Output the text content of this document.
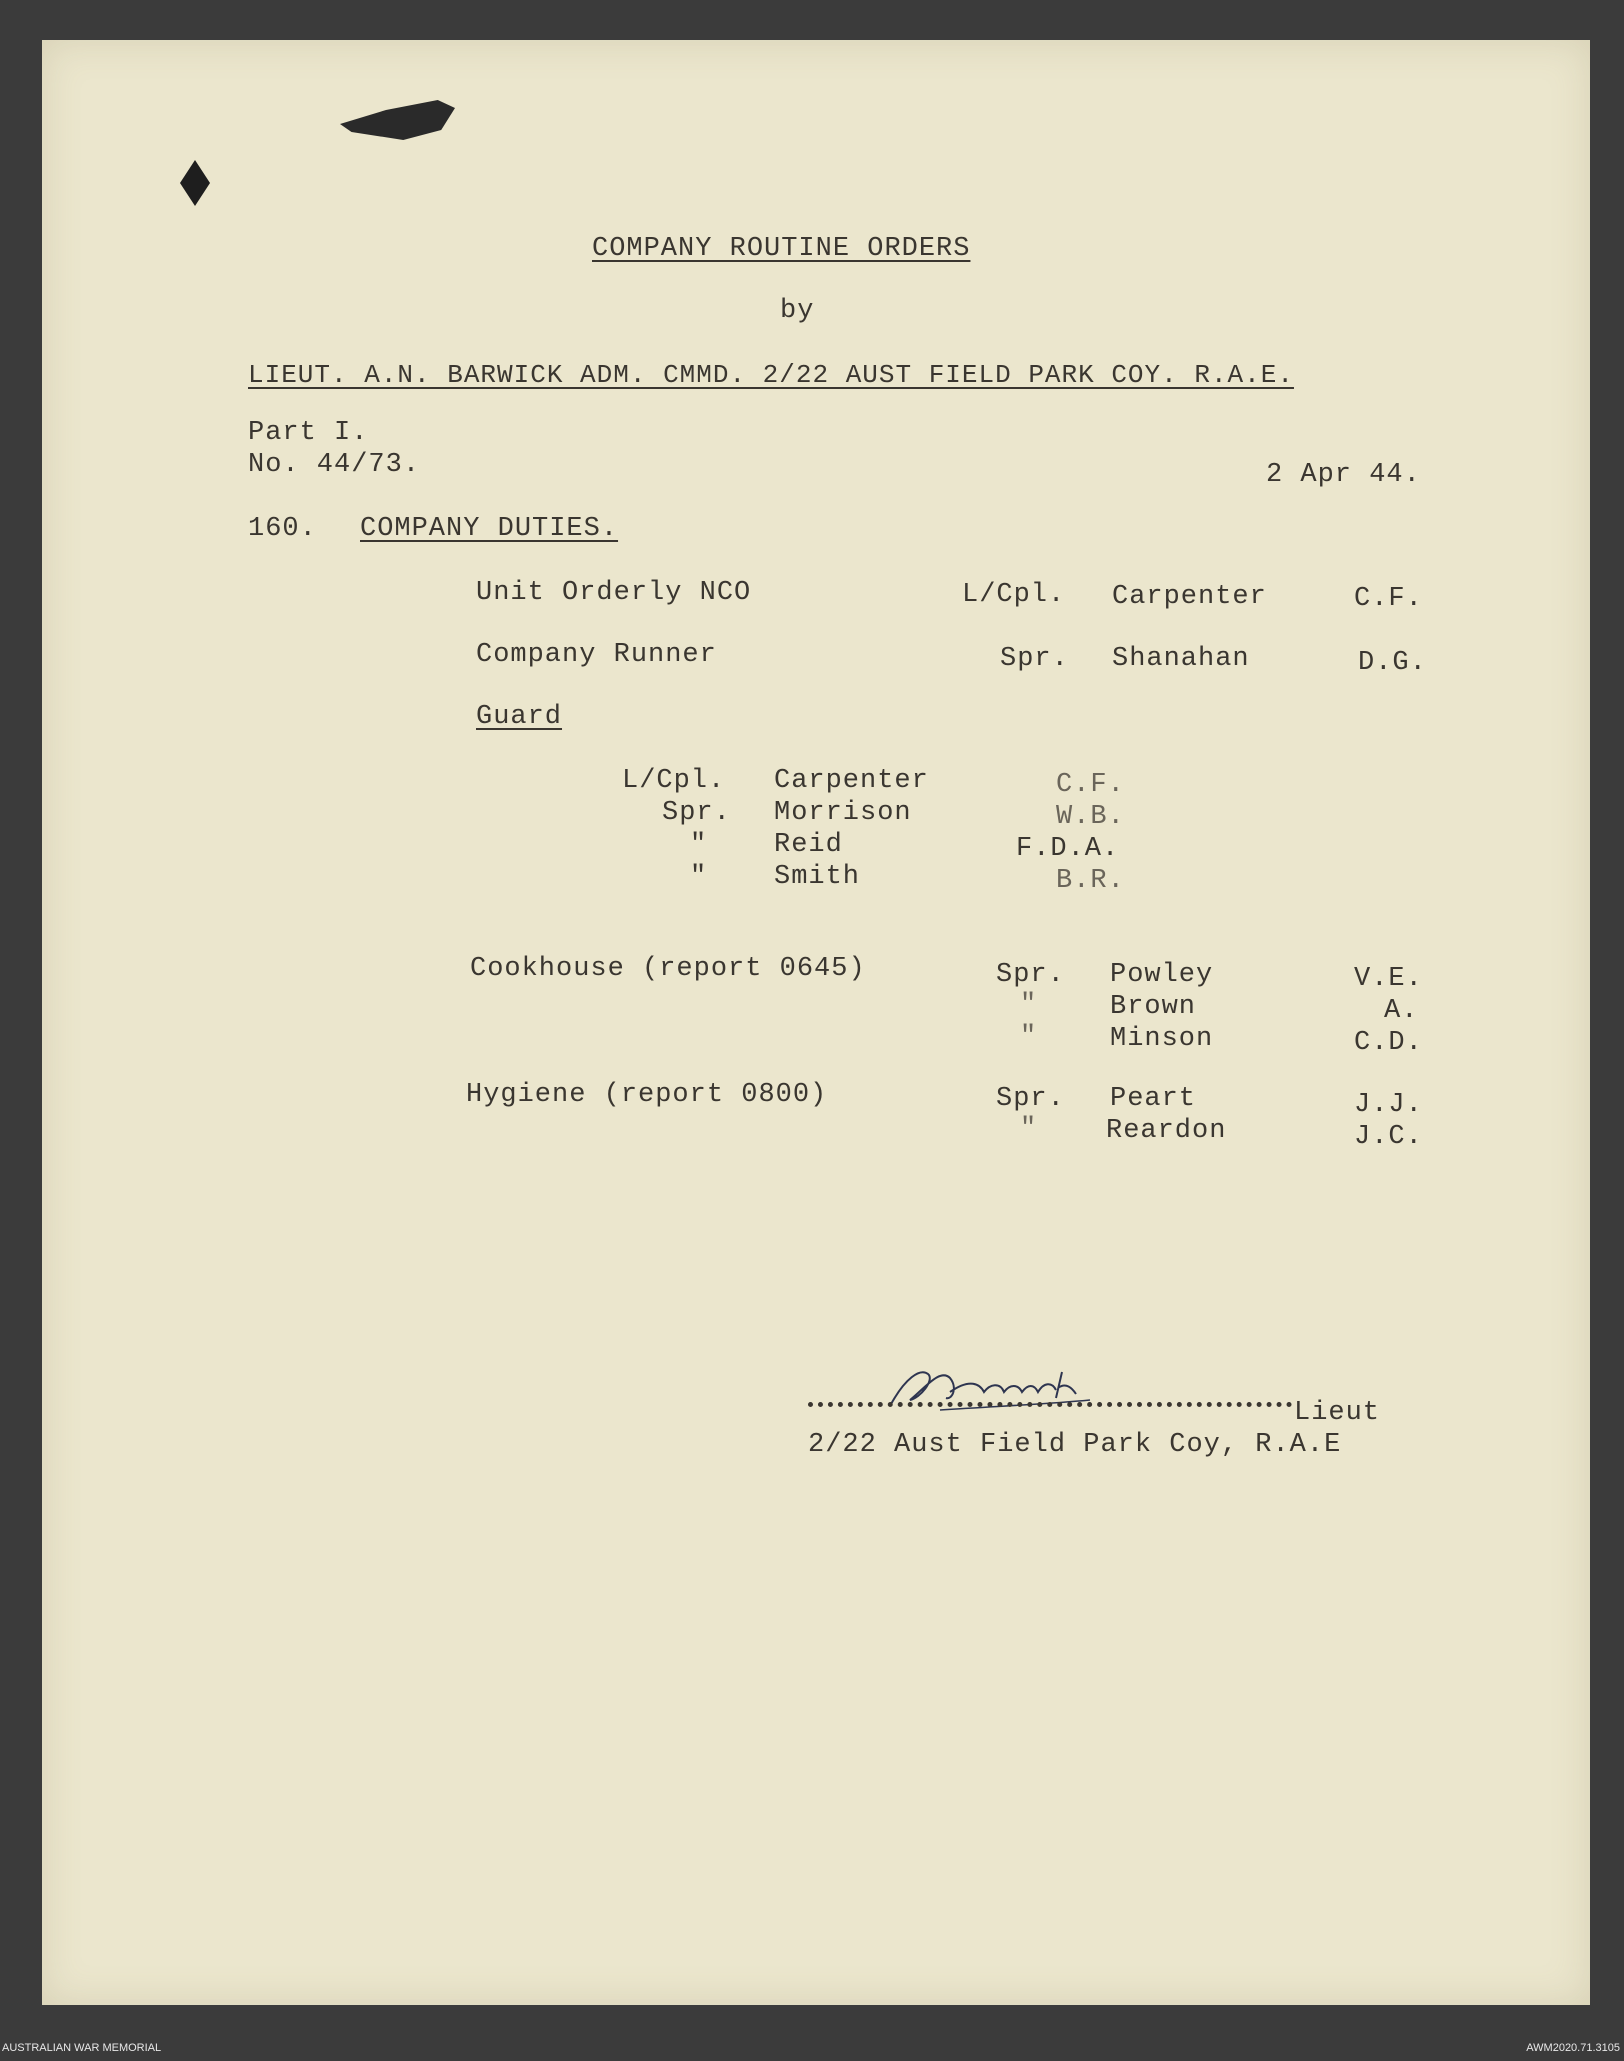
COMPANY ROUTINE ORDERS
by
LIEUT. A.N. BARWICK ADM. CMMD. 2/22 AUST FIELD PARK COY. R.A.E.
Part I.
No. 44/73.	2 Apr 44.
160. COMPANY DUTIES.
Unit Orderly NCO	L/Cpl. Carpenter	C.F.
Company Runner	Spr. Shanahan	D.G.
Guard
L/Cpl. Carpenter	C.F.
Spr. Morrison	W.B.
" Reid	F.D.A.
" Smith	B.R.
Cookhouse (report 0645)	Spr. Powley	V.E.
"	Brown	A.
"	Minson	C.D.
Hygiene (report 0800)	Spr. Peart	J.J.
"	Reardon	J.C.
Lieut
2/22 Aust Field Park Coy, R.A.E
AUSTRALIAN WAR MEMORIAL	AWM2020.71.3105
